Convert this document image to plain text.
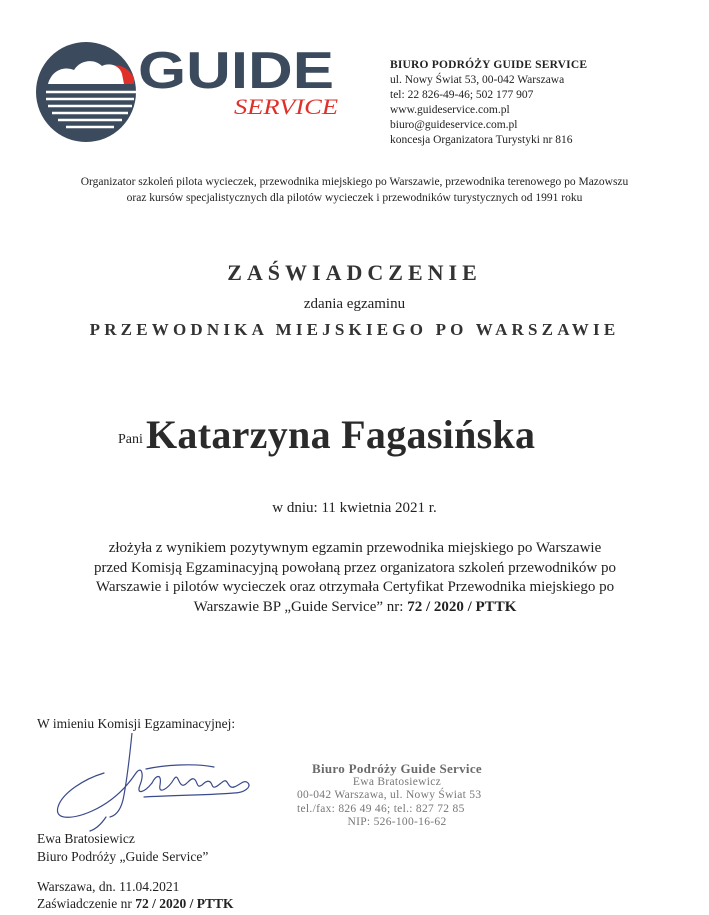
GUIDE
SERVICE
BIURO PODRÓŻY GUIDE SERVICE
ul. Nowy Świat 53, 00-042 Warszawa
tel: 22 826-49-46; 502 177 907
www.guideservice.com.pl
biuro@guideservice.com.pl
koncesja Organizatora Turystyki nr 816
Organizator szkoleń pilota wycieczek, przewodnika miejskiego po Warszawie, przewodnika terenowego po Mazowszu
oraz kursów specjalistycznych dla pilotów wycieczek i przewodników turystycznych od 1991 roku
ZAŚWIADCZENIE
zdania egzaminu
PRZEWODNIKA MIEJSKIEGO PO WARSZAWIE
Pani Katarzyna Fagasińska
w dniu: 11 kwietnia 2021 r.
złożyła z wynikiem pozytywnym egzamin przewodnika miejskiego po Warszawie
przed Komisją Egzaminacyjną powołaną przez organizatora szkoleń przewodników po
Warszawie i pilotów wycieczek oraz otrzymała Certyfikat Przewodnika miejskiego po
Warszawie BP „Guide Service” nr: 72 / 2020 / PTTK
W imieniu Komisji Egzaminacyjnej:
Biuro Podróży Guide Service
Ewa Bratosiewicz
00-042 Warszawa, ul. Nowy Świat 53
tel./fax: 826 49 46; tel.: 827 72 85
NIP: 526-100-16-62
Ewa Bratosiewicz
Biuro Podróży „Guide Service”
Warszawa, dn. 11.04.2021
Zaświadczenie nr 72 / 2020 / PTTK
